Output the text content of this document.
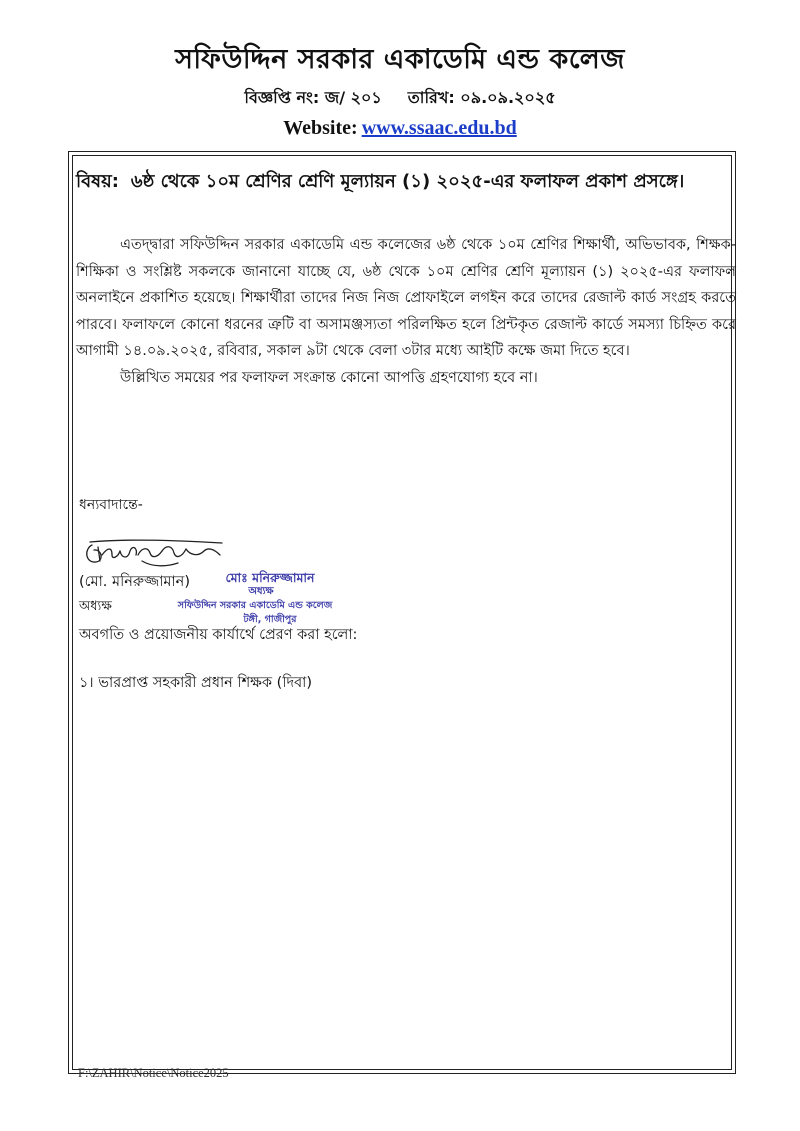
সফিউদ্দিন সরকার একাডেমি এন্ড কলেজ
বিজ্ঞপ্তি নং: জ/ ২০১ তারিখ: ০৯.০৯.২০২৫
Website: www.ssaac.edu.bd
বিষয়: ৬ষ্ঠ থেকে ১০ম শ্রেণির শ্রেণি মূল্যায়ন (১) ২০২৫-এর ফলাফল প্রকাশ প্রসঙ্গে।

এতদ্দ্বারা সফিউদ্দিন সরকার একাডেমি এন্ড কলেজের ৬ষ্ঠ থেকে ১০ম শ্রেণির শিক্ষার্থী, অভিভাবক, শিক্ষক-শিক্ষিকা ও সংশ্লিষ্ট সকলকে জানানো যাচ্ছে যে, ৬ষ্ঠ থেকে ১০ম শ্রেণির শ্রেণি মূল্যায়ন (১) ২০২৫-এর ফলাফল অনলাইনে প্রকাশিত হয়েছে। শিক্ষার্থীরা তাদের নিজ নিজ প্রোফাইলে লগইন করে তাদের রেজাল্ট কার্ড সংগ্রহ করতে পারবে। ফলাফলে কোনো ধরনের ত্রুটি বা অসামঞ্জস্যতা পরিলক্ষিত হলে প্রিন্টকৃত রেজাল্ট কার্ডে সমস্যা চিহ্নিত করে আগামী ১৪.০৯.২০২৫, রবিবার, সকাল ৯টা থেকে বেলা ৩টার মধ্যে আইটি কক্ষে জমা দিতে হবে।

উল্লিখিত সময়ের পর ফলাফল সংক্রান্ত কোনো আপত্তি গ্রহণযোগ্য হবে না।

ধন্যবাদান্তে-
(মো. মনিরুজ্জামান)
অধ্যক্ষ
মোঃ মনিরুজ্জামান
অধ্যক্ষ
সফিউদ্দিন সরকার একাডেমি এন্ড কলেজ
টঙ্গী, গাজীপুর
অবগতি ও প্রয়োজনীয় কার্যার্থে প্রেরণ করা হলো:
১। ভারপ্রাপ্ত সহকারী প্রধান শিক্ষক (দিবা)
F:\ZAHIR\Notice\Notice2025
